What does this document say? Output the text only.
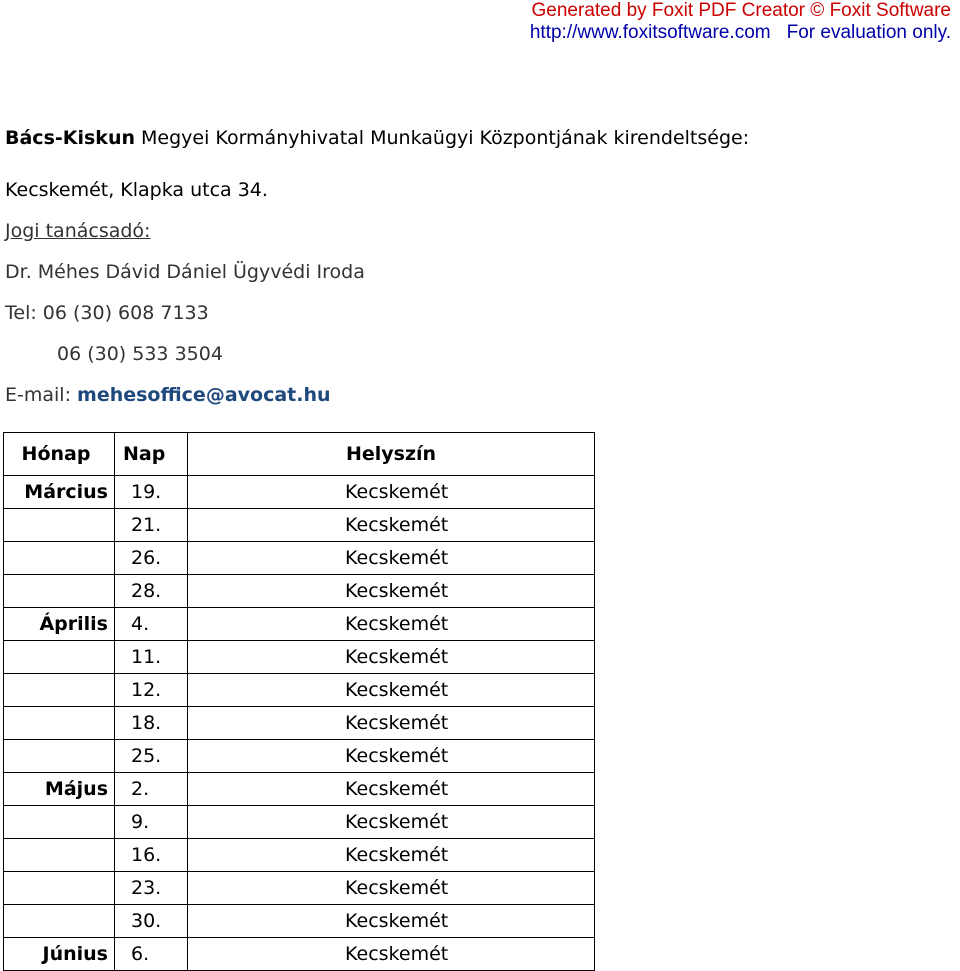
Generated by Foxit PDF Creator © Foxit Software
http://www.foxitsoftware.com For evaluation only.
Bács-Kiskun Megyei Kormányhivatal Munkaügyi Központjának kirendeltsége:
Kecskemét, Klapka utca 34.
Jogi tanácsadó:
Dr. Méhes Dávid Dániel Ügyvédi Iroda
Tel: 06 (30) 608 7133
06 (30) 533 3504
E-mail: mehesoffice@avocat.hu
Hónap	Nap	Helyszín
Március	19.	Kecskemét
	21.	Kecskemét
	26.	Kecskemét
	28.	Kecskemét
Április	4.	Kecskemét
	11.	Kecskemét
	12.	Kecskemét
	18.	Kecskemét
	25.	Kecskemét
Május	2.	Kecskemét
	9.	Kecskemét
	16.	Kecskemét
	23.	Kecskemét
	30.	Kecskemét
Június	6.	Kecskemét
